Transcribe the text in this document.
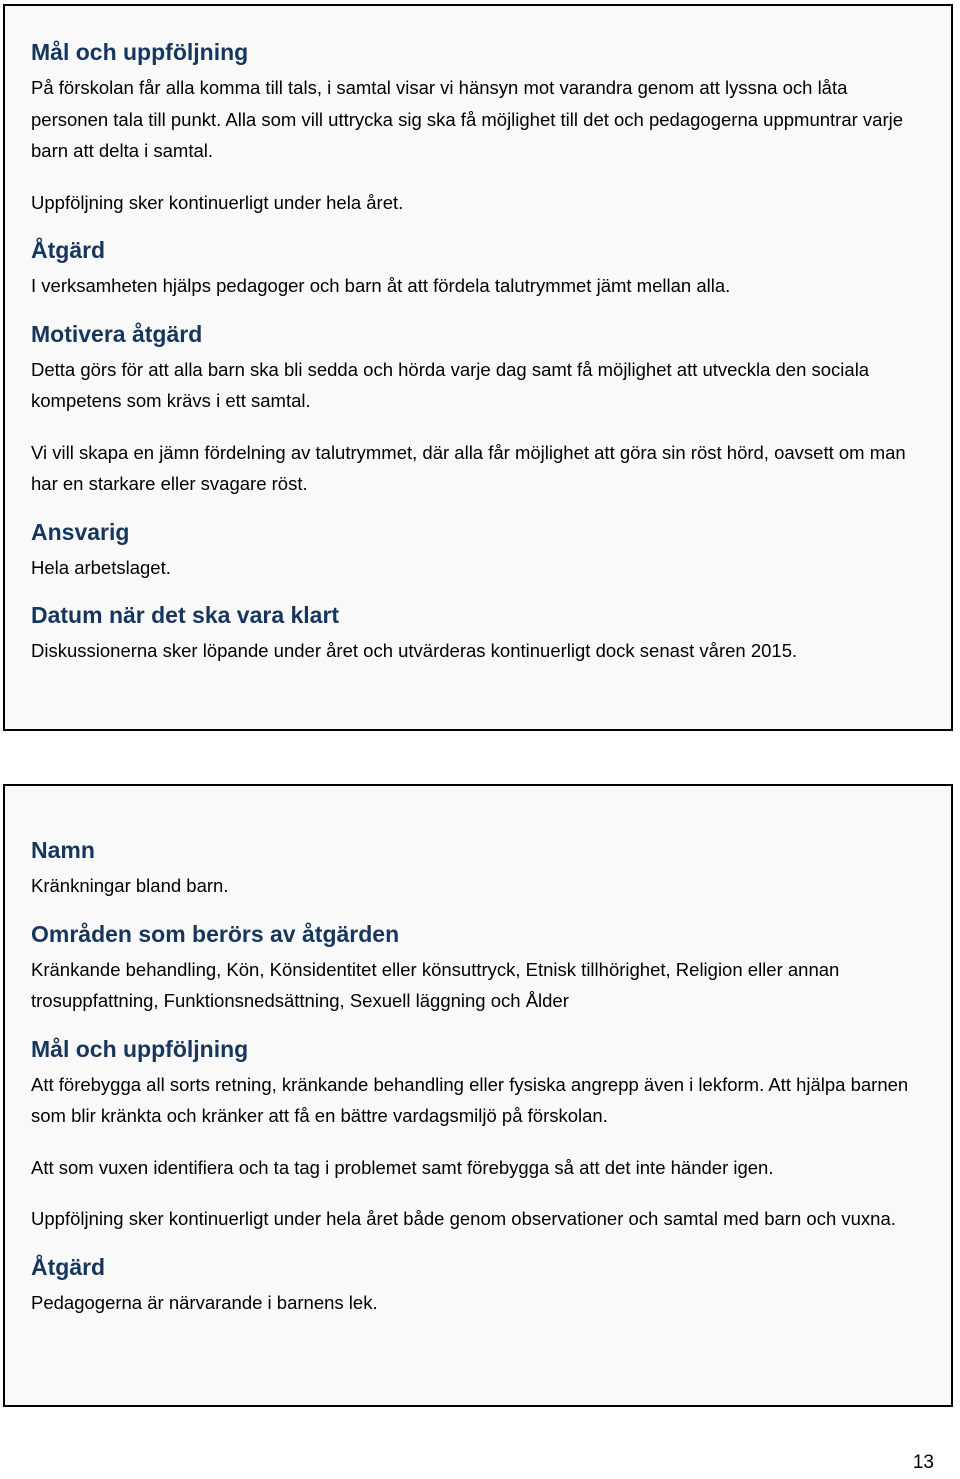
Mål och uppföljning

På förskolan får alla komma till tals, i samtal visar vi hänsyn mot varandra genom att lyssna och låta personen tala till punkt. Alla som vill uttrycka sig ska få möjlighet till det och pedagogerna uppmuntrar varje barn att delta i samtal.

Uppföljning sker kontinuerligt under hela året.

Åtgärd

I verksamheten hjälps pedagoger och barn åt att fördela talutrymmet jämt mellan alla.

Motivera åtgärd

Detta görs för att alla barn ska bli sedda och hörda varje dag samt få möjlighet att utveckla den sociala kompetens som krävs i ett samtal.

Vi vill skapa en jämn fördelning av talutrymmet, där alla får möjlighet att göra sin röst hörd, oavsett om man har en starkare eller svagare röst.

Ansvarig

Hela arbetslaget.

Datum när det ska vara klart

Diskussionerna sker löpande under året och utvärderas kontinuerligt dock senast våren 2015.

Namn

Kränkningar bland barn.

Områden som berörs av åtgärden

Kränkande behandling, Kön, Könsidentitet eller könsuttryck, Etnisk tillhörighet, Religion eller annan trosuppfattning, Funktionsnedsättning, Sexuell läggning och Ålder

Mål och uppföljning

Att förebygga all sorts retning, kränkande behandling eller fysiska angrepp även i lekform. Att hjälpa barnen som blir kränkta och kränker att få en bättre vardagsmiljö på förskolan.

Att som vuxen identifiera och ta tag i problemet samt förebygga så att det inte händer igen.

Uppföljning sker kontinuerligt under hela året både genom observationer och samtal med barn och vuxna.

Åtgärd

Pedagogerna är närvarande i barnens lek.

13
